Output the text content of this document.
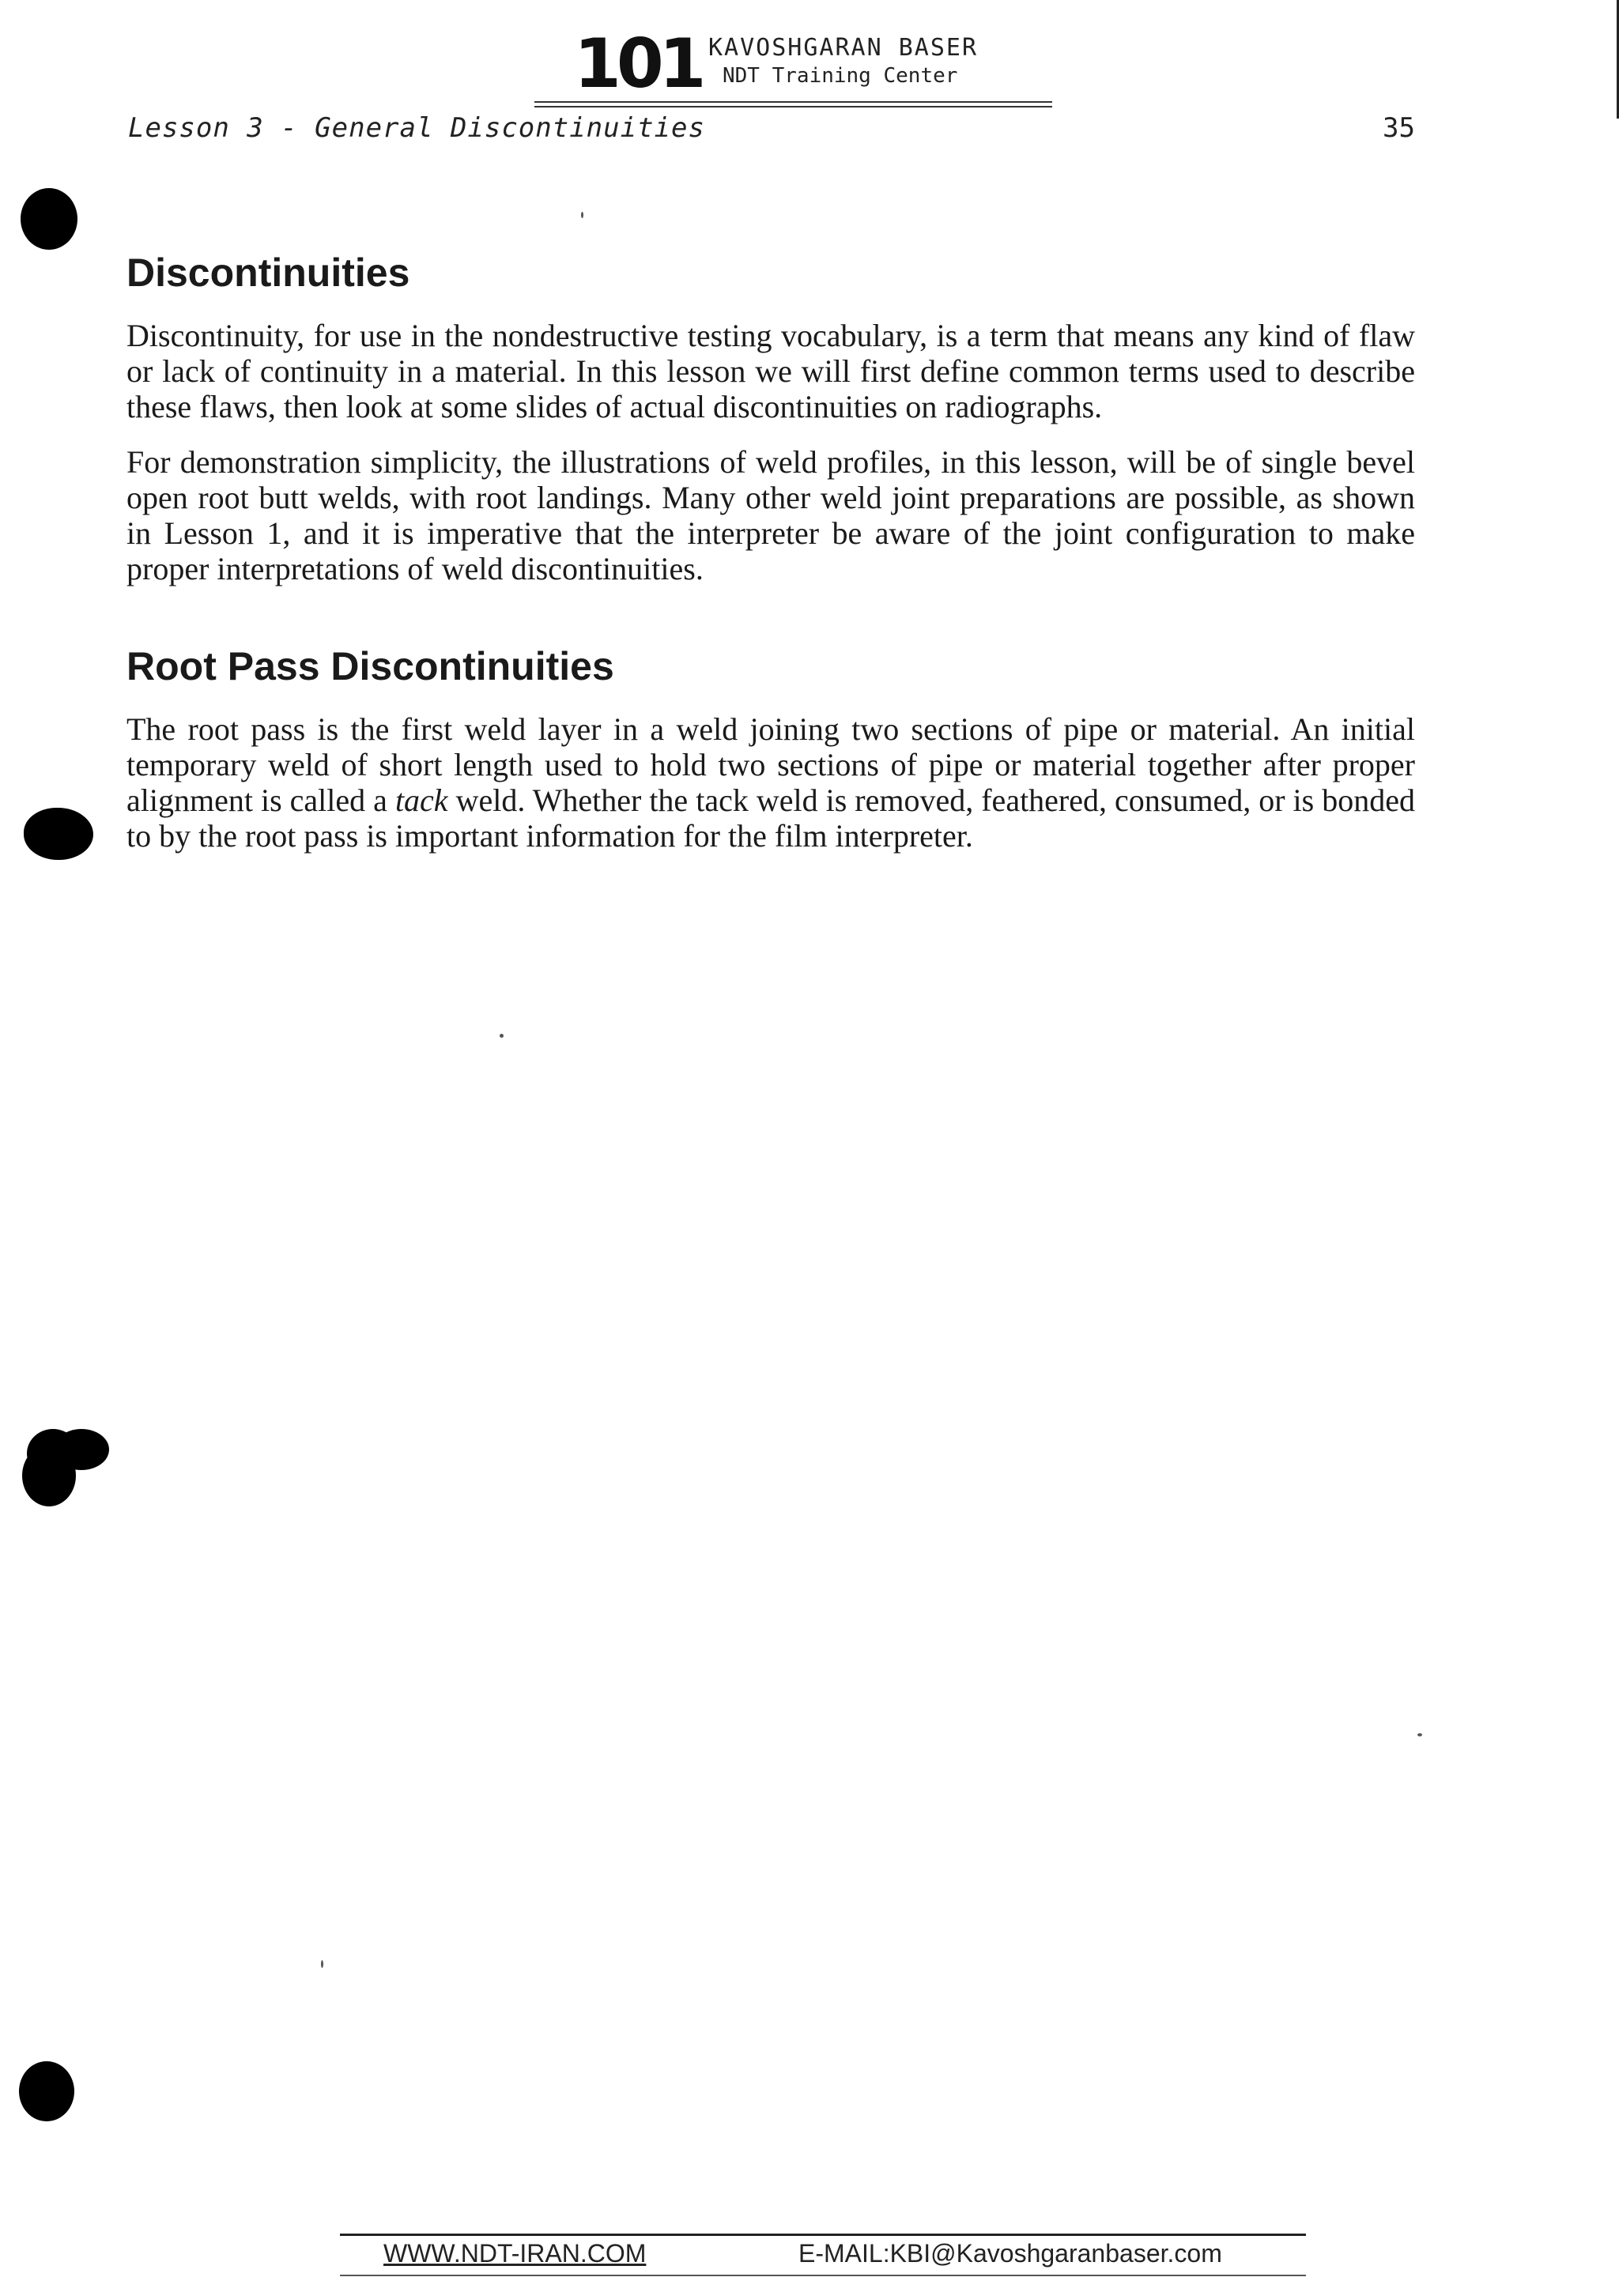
101 KAVOSHGARAN BASER
NDT Training Center
Lesson 3 - General Discontinuities	35
Discontinuities

Discontinuity, for use in the nondestructive testing vocabulary, is a term that means any kind of flaw or lack of continuity in a material. In this lesson we will first define common terms used to describe these flaws, then look at some slides of actual discontinuities on radiographs.

For demonstration simplicity, the illustrations of weld profiles, in this lesson, will be of single bevel open root butt welds, with root landings. Many other weld joint preparations are possible, as shown in Lesson 1, and it is imperative that the interpreter be aware of the joint configuration to make proper interpretations of weld discontinuities.

Root Pass Discontinuities

The root pass is the first weld layer in a weld joining two sections of pipe or material. An initial temporary weld of short length used to hold two sections of pipe or material together after proper alignment is called a tack weld. Whether the tack weld is removed, feathered, consumed, or is bonded to by the root pass is important information for the film interpreter.

WWW.NDT-IRAN.COM	E-MAIL:KBI@Kavoshgaranbaser.com
